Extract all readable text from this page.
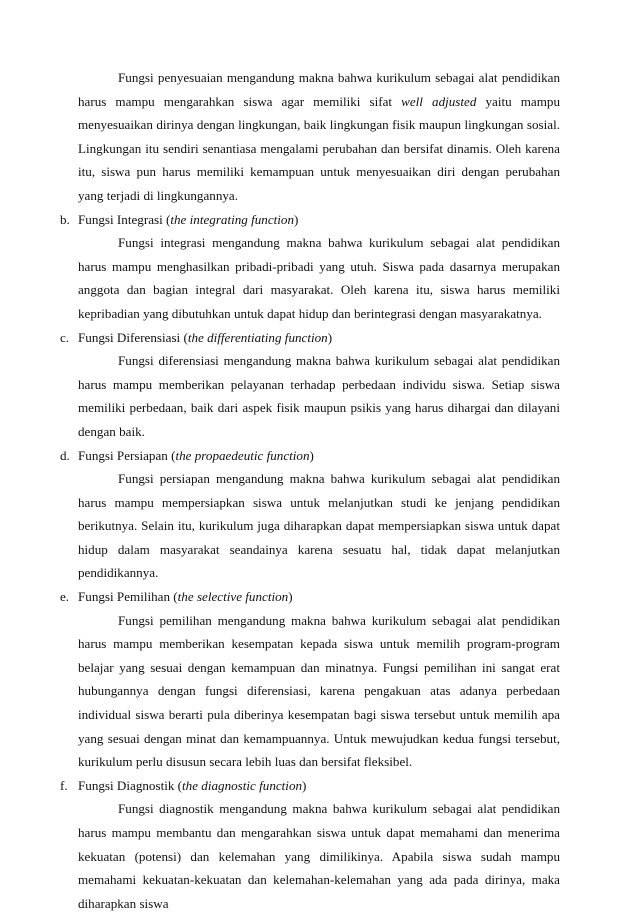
Fungsi penyesuaian mengandung makna bahwa kurikulum sebagai alat pendidikan harus mampu mengarahkan siswa agar memiliki sifat well adjusted yaitu mampu menyesuaikan dirinya dengan lingkungan, baik lingkungan fisik maupun lingkungan sosial. Lingkungan itu sendiri senantiasa mengalami perubahan dan bersifat dinamis. Oleh karena itu, siswa pun harus memiliki kemampuan untuk menyesuaikan diri dengan perubahan yang terjadi di lingkungannya.

b. Fungsi Integrasi (the integrating function)

Fungsi integrasi mengandung makna bahwa kurikulum sebagai alat pendidikan harus mampu menghasilkan pribadi-pribadi yang utuh. Siswa pada dasarnya merupakan anggota dan bagian integral dari masyarakat. Oleh karena itu, siswa harus memiliki kepribadian yang dibutuhkan untuk dapat hidup dan berintegrasi dengan masyarakatnya.

c. Fungsi Diferensiasi (the differentiating function)

Fungsi diferensiasi mengandung makna bahwa kurikulum sebagai alat pendidikan harus mampu memberikan pelayanan terhadap perbedaan individu siswa. Setiap siswa memiliki perbedaan, baik dari aspek fisik maupun psikis yang harus dihargai dan dilayani dengan baik.

d. Fungsi Persiapan (the propaedeutic function)

Fungsi persiapan mengandung makna bahwa kurikulum sebagai alat pendidikan harus mampu mempersiapkan siswa untuk melanjutkan studi ke jenjang pendidikan berikutnya. Selain itu, kurikulum juga diharapkan dapat mempersiapkan siswa untuk dapat hidup dalam masyarakat seandainya karena sesuatu hal, tidak dapat melanjutkan pendidikannya.

e. Fungsi Pemilihan (the selective function)

Fungsi pemilihan mengandung makna bahwa kurikulum sebagai alat pendidikan harus mampu memberikan kesempatan kepada siswa untuk memilih program-program belajar yang sesuai dengan kemampuan dan minatnya. Fungsi pemilihan ini sangat erat hubungannya dengan fungsi diferensiasi, karena pengakuan atas adanya perbedaan individual siswa berarti pula diberinya kesempatan bagi siswa tersebut untuk memilih apa yang sesuai dengan minat dan kemampuannya. Untuk mewujudkan kedua fungsi tersebut, kurikulum perlu disusun secara lebih luas dan bersifat fleksibel.

f. Fungsi Diagnostik (the diagnostic function)

Fungsi diagnostik mengandung makna bahwa kurikulum sebagai alat pendidikan harus mampu membantu dan mengarahkan siswa untuk dapat memahami dan menerima kekuatan (potensi) dan kelemahan yang dimilikinya. Apabila siswa sudah mampu memahami kekuatan-kekuatan dan kelemahan-kelemahan yang ada pada dirinya, maka diharapkan siswa
